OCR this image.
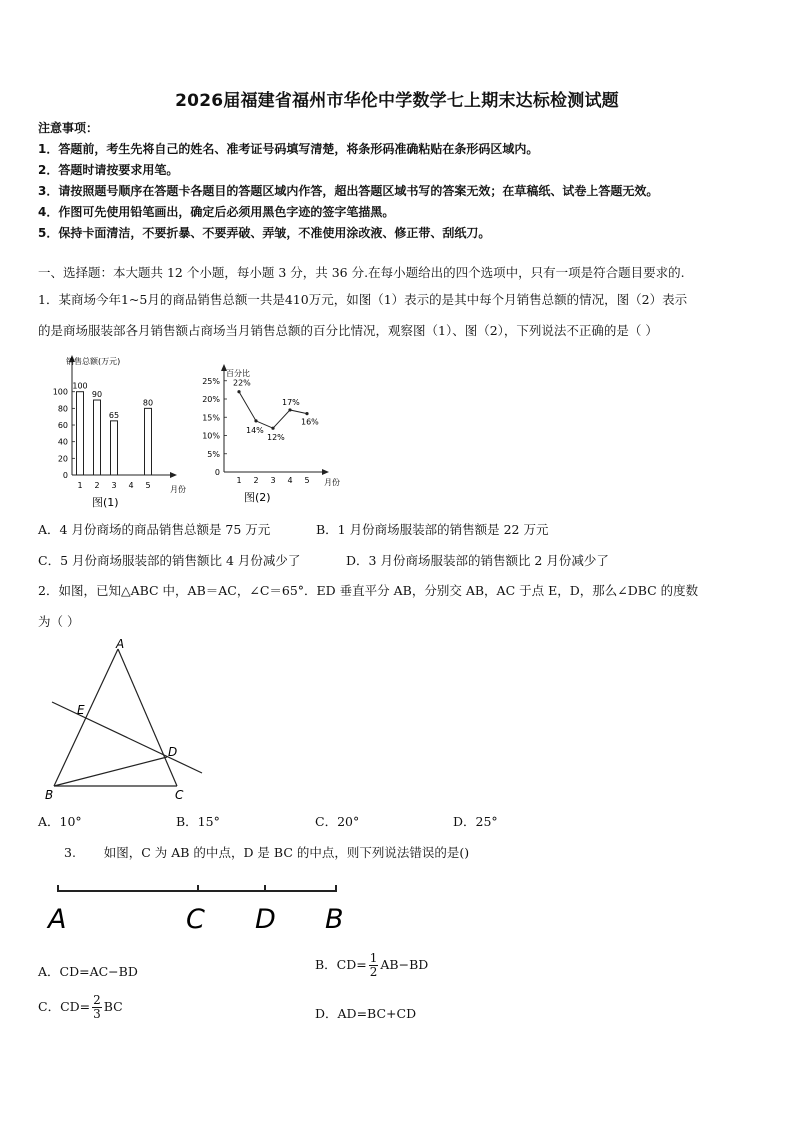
2026届福建省福州市华伦中学数学七上期末达标检测试题
注意事项：
1．答题前，考生先将自己的姓名、准考证号码填写清楚，将条形码准确粘贴在条形码区域内。
2．答题时请按要求用笔。
3．请按照题号顺序在答题卡各题目的答题区域内作答，超出答题区域书写的答案无效；在草稿纸、试卷上答题无效。
4．作图可先使用铅笔画出，确定后必须用黑色字迹的签字笔描黑。
5．保持卡面清洁，不要折暴、不要弄破、弄皱，不准使用涂改液、修正带、刮纸刀。
一、选择题：本大题共 12 个小题，每小题 3 分，共 36 分.在每小题给出的四个选项中，只有一项是符合题目要求的.
1．某商场今年1~5月的商品销售总额一共是410万元，如图（1）表示的是其中每个月销售总额的情况，图（2）表示
的是商场服装部各月销售额占商场当月销售总额的百分比情况，观察图（1）、图（2），下列说法不正确的是（ ）
销售总额(万元)
月份
0
20
40
60
80
100
1
100
2
90
3
65
4 5
80
图(1)
百分比
月份
0
5%
10%
15%
20%
25%
1 2 3 4 5
22%
14%
12%
17%
16%
图(2)
A．4 月份商场的商品销售总额是 75 万元	B．1 月份商场服装部的销售额是 22 万元
C．5 月份商场服装部的销售额比 4 月份减少了	D．3 月份商场服装部的销售额比 2 月份减少了
2．如图，已知△ABC 中，AB＝AC，∠C＝65°．ED 垂直平分 AB，分别交 AB，AC 于点 E，D，那么∠DBC 的度数
为（ ）
A
E
D
B	C
A．10°	B．15°	C．20°	D．25°
3.       如图，C 为 AB 的中点，D 是 BC 的中点，则下列说法错误的是()
A	C D B
A．CD=AC−BD	B．$CD= \frac{1}{2} AB-BD$
C．$CD= \frac{2}{3}$ BC	D．AD=BC+CD
